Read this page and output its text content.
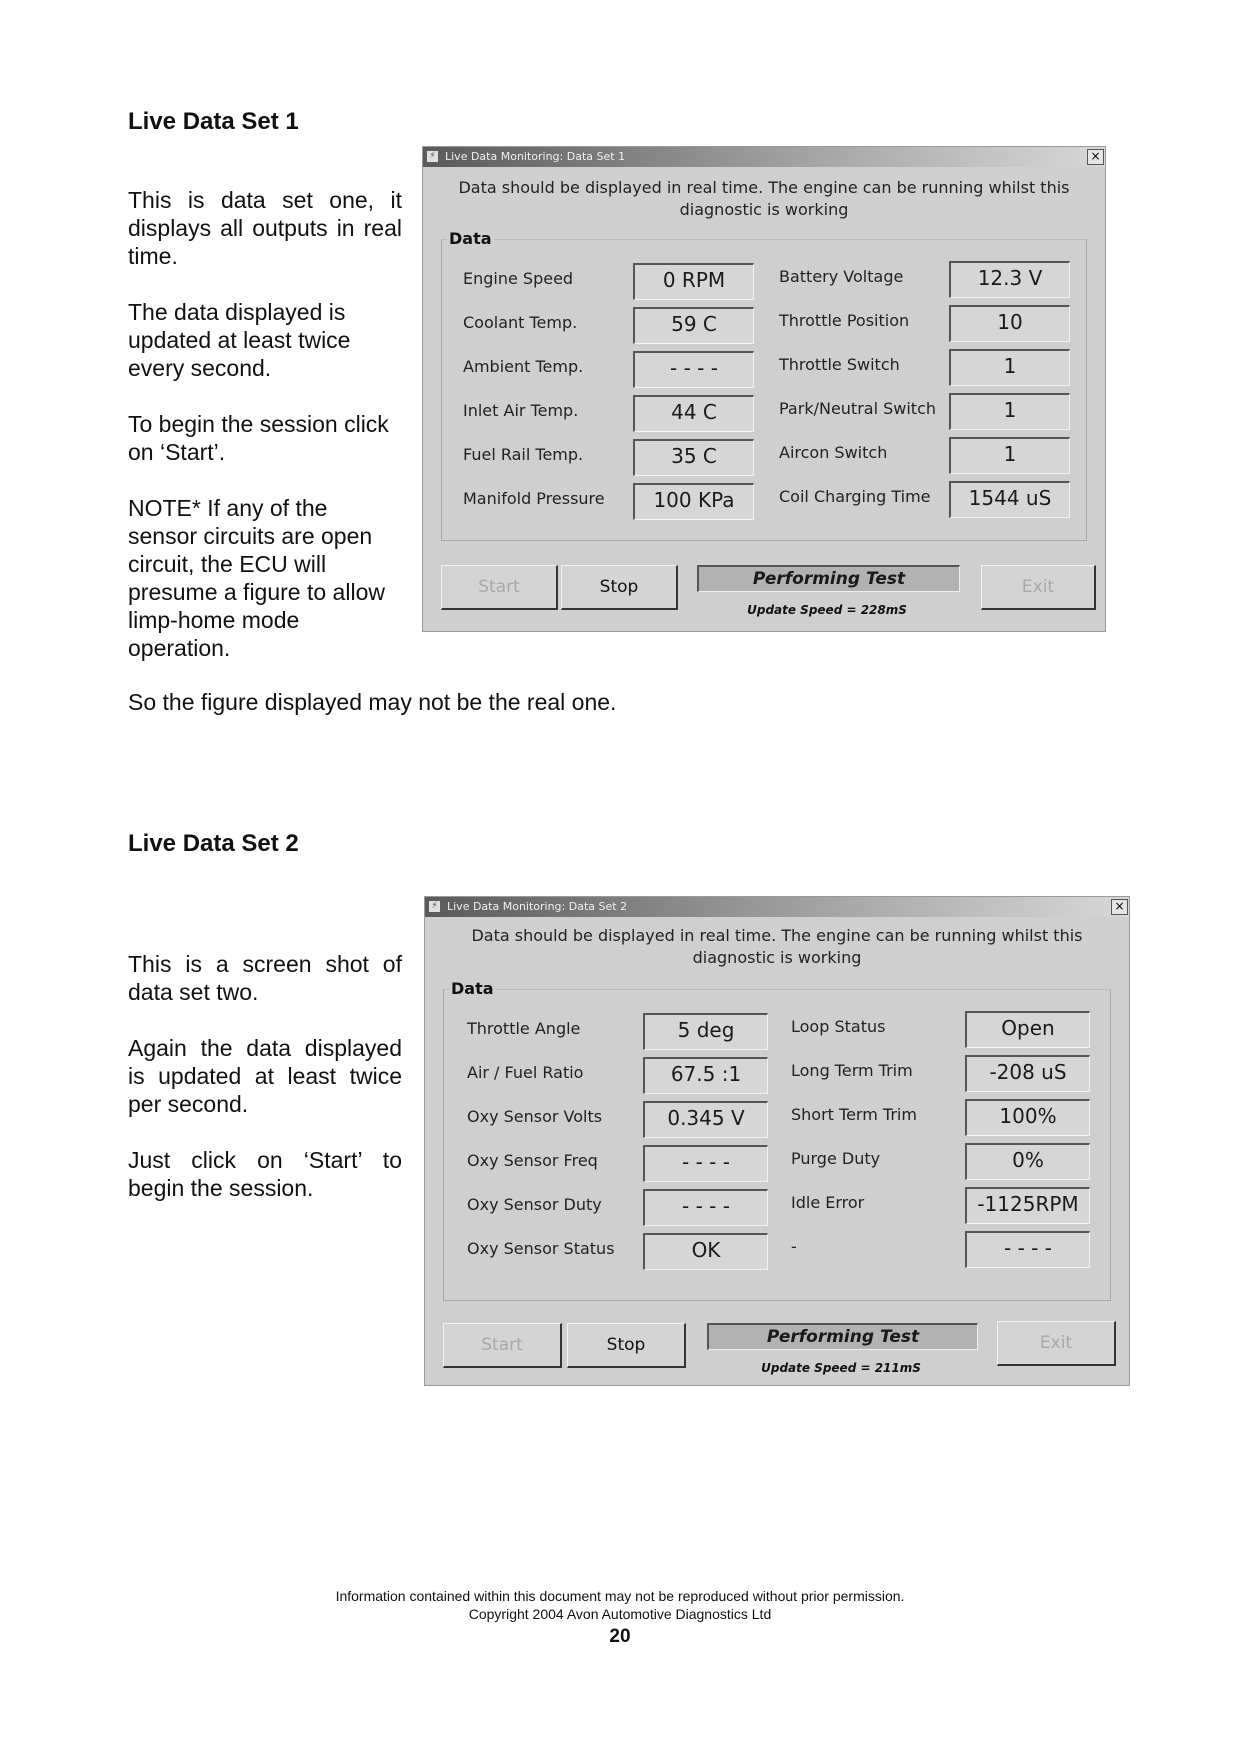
Live Data Set 1
This is data set one, it displays all outputs in real time.
The data displayed is updated at least twice every second.
To begin the session click on ‘Start’.
NOTE* If any of the sensor circuits are open circuit, the ECU will presume a figure to allow limp-home mode operation.
So the figure displayed may not be the real one.
⚡ Live Data Monitoring: Data Set 1	×
Data should be displayed in real time. The engine can be running whilst this
diagnostic is working
Data
Engine Speed	0 RPM
Coolant Temp.	59 C
Ambient Temp.	- - - -
Inlet Air Temp.	44 C
Fuel Rail Temp.	35 C
Manifold Pressure	100 KPa
Battery Voltage	12.3 V
Throttle Position	10
Throttle Switch	1
Park/Neutral Switch	1
Aircon Switch	1
Coil Charging Time	1544 uS
Start	Stop	Performing Test
Update Speed = 228mS
Exit
Live Data Set 2
This is a screen shot of data set two.
Again the data displayed is updated at least twice per second.
Just click on ‘Start’ to begin the session.
⚡ Live Data Monitoring: Data Set 2	×
Data should be displayed in real time. The engine can be running whilst this
diagnostic is working
Data
Throttle Angle	5 deg
Air / Fuel Ratio	67.5 :1
Oxy Sensor Volts	0.345 V
Oxy Sensor Freq	- - - -
Oxy Sensor Duty	- - - -
Oxy Sensor Status	OK
Loop Status	Open
Long Term Trim	-208 uS
Short Term Trim	100%
Purge Duty	0%
Idle Error	-1125RPM
-	- - - -
Start	Stop	Performing Test
Update Speed = 211mS
Exit
Information contained within this document may not be reproduced without prior permission.
Copyright 2004 Avon Automotive Diagnostics Ltd
20
